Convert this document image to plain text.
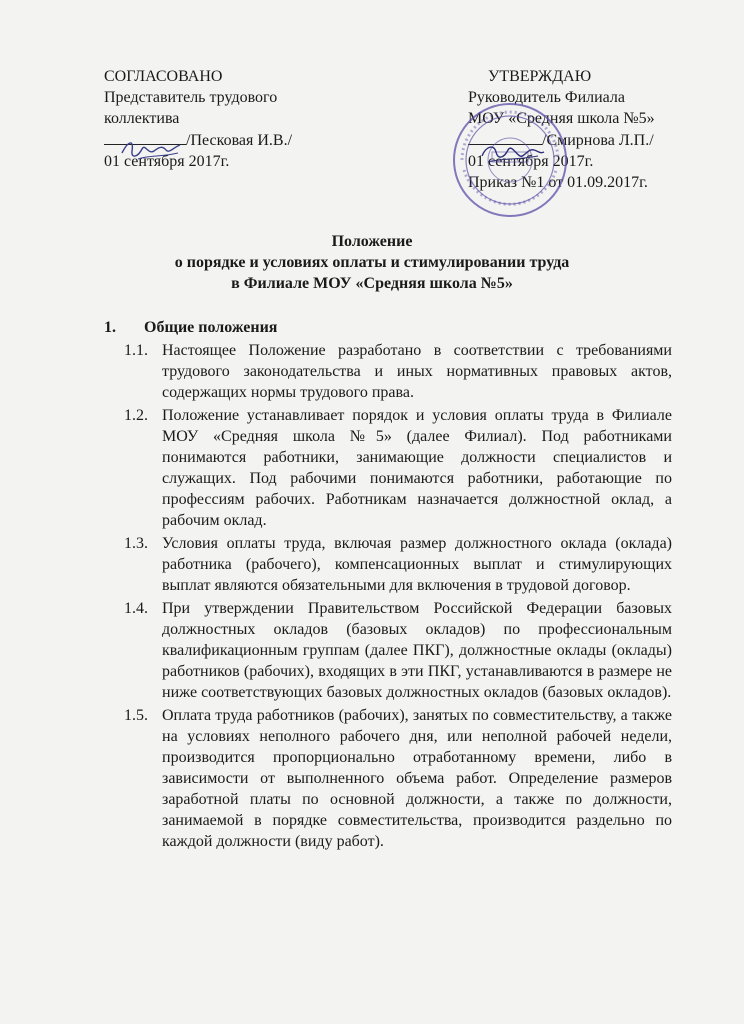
СОГЛАСОВАНО
Представитель трудового
коллектива
/Песковая И.В./
01 сентября 2017г.
УТВЕРЖДАЮ
Руководитель Филиала
МОУ «Средняя школа №5»
/Смирнова Л.П./
01 сентября 2017г.
Приказ №1 от 01.09.2017г.
Положение
о порядке и условиях оплаты и стимулировании труда
в Филиале МОУ «Средняя школа №5»
1. Общие положения
1.1. Настоящее Положение разработано в соответствии с требованиями трудового законодательства и иных нормативных правовых актов, содержащих нормы трудового права.
1.2. Положение устанавливает порядок и условия оплаты труда в Филиале МОУ «Средняя школа №5» (далее Филиал). Под работниками понимаются работники, занимающие должности специалистов и служащих. Под рабочими понимаются работники, работающие по профессиям рабочих. Работникам назначается должностной оклад, а рабочим оклад.
1.3. Условия оплаты труда, включая размер должностного оклада (оклада) работника (рабочего), компенсационных выплат и стимулирующих выплат являются обязательными для включения в трудовой договор.
1.4. При утверждении Правительством Российской Федерации базовых должностных окладов (базовых окладов) по профессиональным квалификационным группам (далее ПКГ), должностные оклады (оклады) работников (рабочих), входящих в эти ПКГ, устанавливаются в размере не ниже соответствующих базовых должностных окладов (базовых окладов).
1.5. Оплата труда работников (рабочих), занятых по совместительству, а также на условиях неполного рабочего дня, или неполной рабочей недели, производится пропорционально отработанному времени, либо в зависимости от выполненного объема работ. Определение размеров заработной платы по основной должности, а также по должности, занимаемой в порядке совместительства, производится раздельно по каждой должности (виду работ).
